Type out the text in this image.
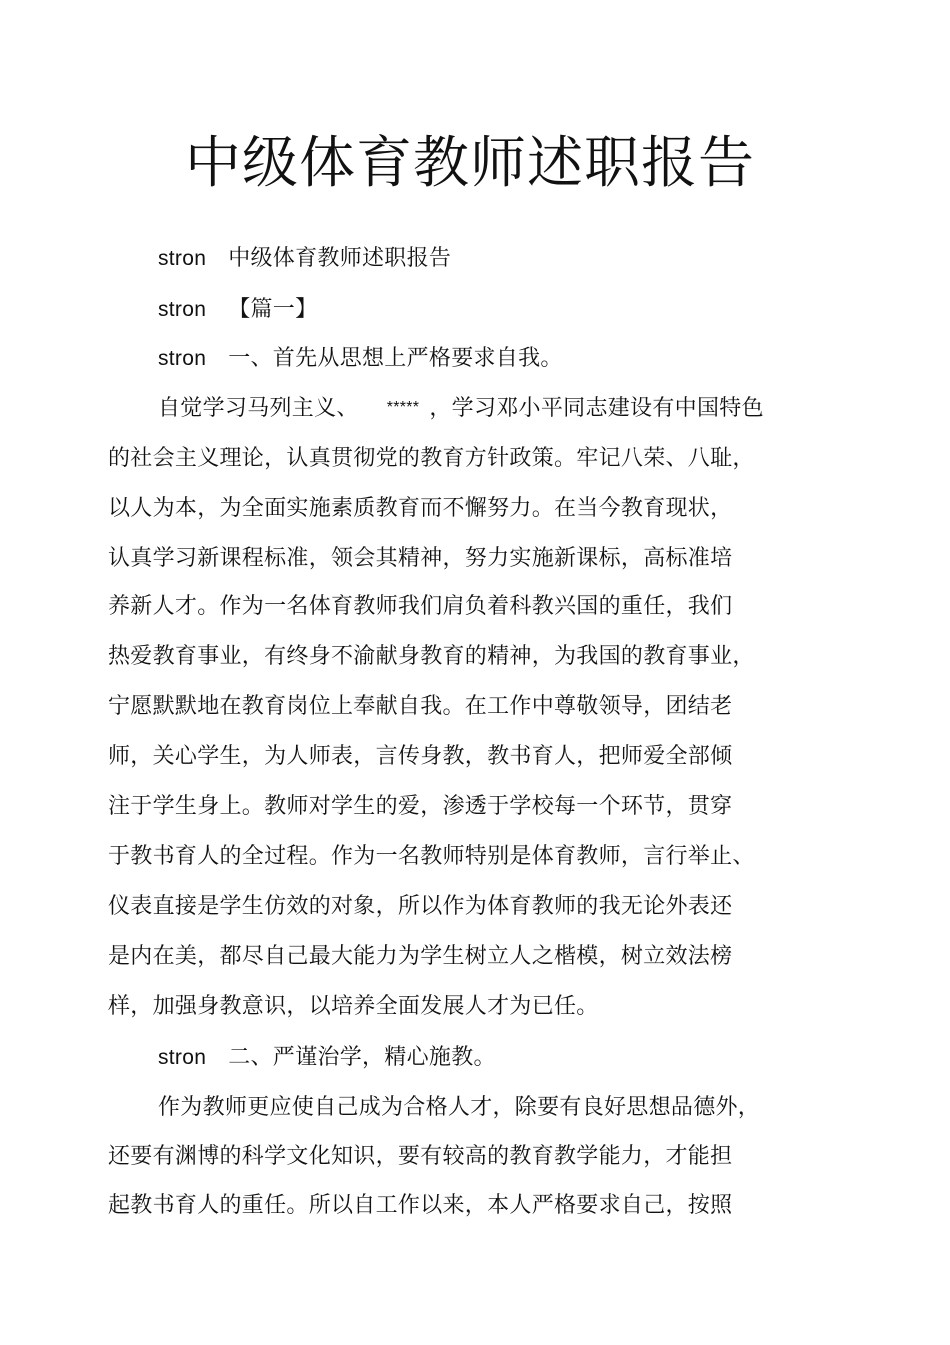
中级体育教师述职报告
stron 中级体育教师述职报告
stron 【篇一】
stron 一、首先从思想上严格要求自我。
自觉学习马列主义、 ***** ，学习邓小平同志建设有中国特色
的社会主义理论，认真贯彻党的教育方针政策。牢记八荣、八耻，
以人为本，为全面实施素质教育而不懈努力。在当今教育现状，
认真学习新课程标准，领会其精神，努力实施新课标，高标准培
养新人才。作为一名体育教师我们肩负着科教兴国的重任，我们
热爱教育事业，有终身不渝献身教育的精神，为我国的教育事业，
宁愿默默地在教育岗位上奉献自我。在工作中尊敬领导，团结老
师，关心学生，为人师表，言传身教，教书育人，把师爱全部倾
注于学生身上。教师对学生的爱，渗透于学校每一个环节，贯穿
于教书育人的全过程。作为一名教师特别是体育教师，言行举止、
仪表直接是学生仿效的对象，所以作为体育教师的我无论外表还
是内在美，都尽自己最大能力为学生树立人之楷模，树立效法榜
样，加强身教意识，以培养全面发展人才为已任。
stron 二、严谨治学，精心施教。
作为教师更应使自己成为合格人才，除要有良好思想品德外，
还要有渊博的科学文化知识，要有较高的教育教学能力，才能担
起教书育人的重任。所以自工作以来，本人严格要求自己，按照
